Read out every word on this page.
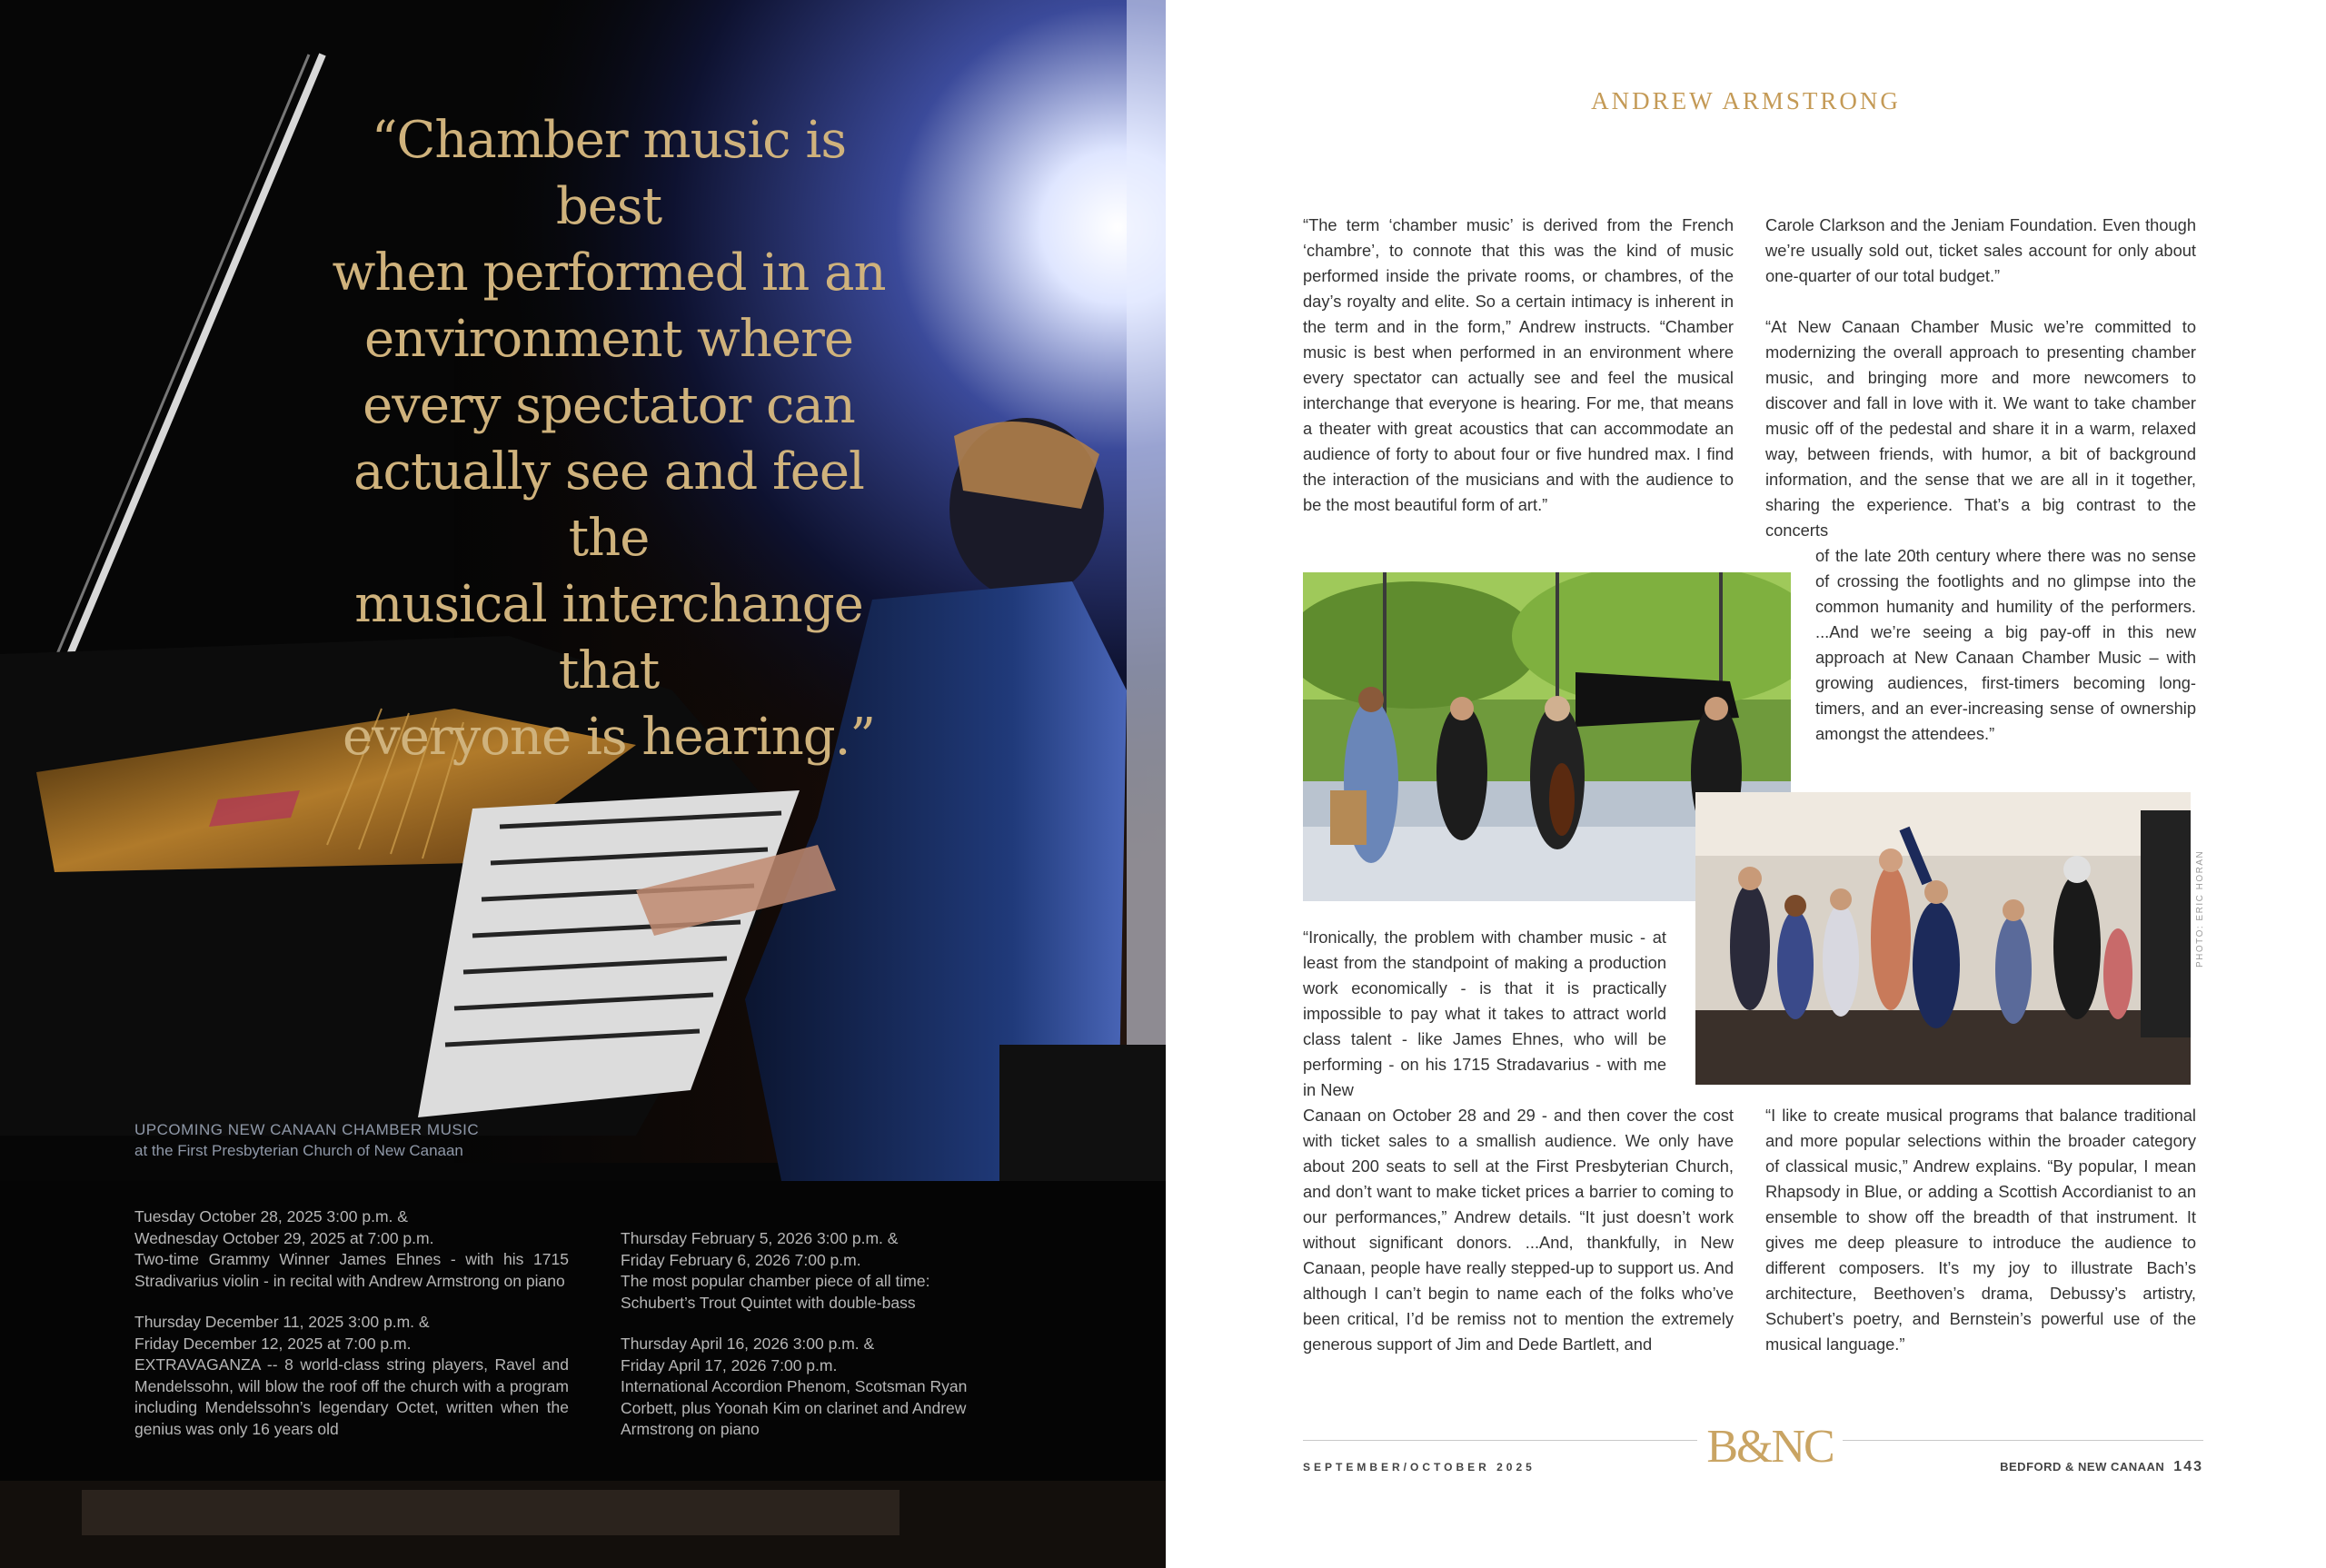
“Chamber music is best
when performed in an
environment where
every spectator can
actually see and feel the
musical interchange that
everyone is hearing.”
UPCOMING NEW CANAAN CHAMBER MUSIC
at the First Presbyterian Church of New Canaan
Tuesday October 28, 2025 3:00 p.m. &
Wednesday October 29, 2025 at 7:00 p.m.
Two-time Grammy Winner James Ehnes - with his 1715 Stradivarius violin - in recital with Andrew Armstrong on piano
Thursday December 11, 2025 3:00 p.m. &
Friday December 12, 2025 at 7:00 p.m.
EXTRAVAGANZA -- 8 world-class string players, Ravel and Mendelssohn, will blow the roof off the church with a program including Mendelssohn’s legendary Octet, written when the genius was only 16 years old
Thursday February 5, 2026 3:00 p.m. &
Friday February 6, 2026 7:00 p.m.
The most popular chamber piece of all time:
Schubert’s Trout Quintet with double-bass
Thursday April 16, 2026 3:00 p.m. &
Friday April 17, 2026 7:00 p.m.
International Accordion Phenom, Scotsman Ryan Corbett, plus Yoonah Kim on clarinet and Andrew Armstrong on piano
ANDREW ARMSTRONG

“The term ‘chamber music’ is derived from the French ‘chambre’, to connote that this was the kind of music performed inside the private rooms, or chambres, of the day’s royalty and elite. So a certain intimacy is inherent in the term and in the form,” Andrew instructs. “Chamber music is best when performed in an environment where every spectator can actually see and feel the musical interchange that everyone is hearing. For me, that means a theater with great acoustics that can accommodate an audience of forty to about four or five hundred max. I find the interaction of the musicians and with the audience to be the most beautiful form of art.”

“Ironically, the problem with chamber music - at least from the standpoint of making a production work economically - is that it is practically impossible to pay what it takes to attract world class talent - like James Ehnes, who will be performing - on his 1715 Stradavarius - with me in New

Canaan on October 28 and 29 - and then cover the cost with ticket sales to a smallish audience. We only have about 200 seats to sell at the First Presbyterian Church, and don’t want to make ticket prices a barrier to coming to our performances,” Andrew details. “It just doesn’t work without significant donors. ...And, thankfully, in New Canaan, people have really stepped-up to support us. And although I can’t begin to name each of the folks who’ve been critical, I’d be remiss not to mention the extremely generous support of Jim and Dede Bartlett, and

Carole Clarkson and the Jeniam Foundation. Even though we’re usually sold out, ticket sales account for only about one-quarter of our total budget.”

“At New Canaan Chamber Music we’re committed to modernizing the overall approach to presenting chamber music, and bringing more and more newcomers to discover and fall in love with it. We want to take chamber music off of the pedestal and share it in a warm, relaxed way, between friends, with humor, a bit of background information, and the sense that we are all in it together, sharing the experience. That’s a big contrast to the concerts

of the late 20th century where there was no sense of crossing the footlights and no glimpse into the common humanity and humility of the performers. ...And we’re seeing a big pay-off in this new approach at New Canaan Chamber Music – with growing audiences, first-timers becoming long-timers, and an ever-increasing sense of ownership amongst the attendees.”

PHOTO: ERIC HORAN

“I like to create musical programs that balance traditional and more popular selections within the broader category of classical music,” Andrew explains. “By popular, I mean Rhapsody in Blue, or adding a Scottish Accordianist to an ensemble to show off the breadth of that instrument. It gives me deep pleasure to introduce the audience to different composers. It’s my joy to illustrate Bach’s architecture, Beethoven’s drama, Debussy’s artistry, Schubert’s poetry, and Bernstein’s powerful use of the musical language.”

B&NC
SEPTEMBER/OCTOBER 2025	BEDFORD & NEW CANAAN 143
